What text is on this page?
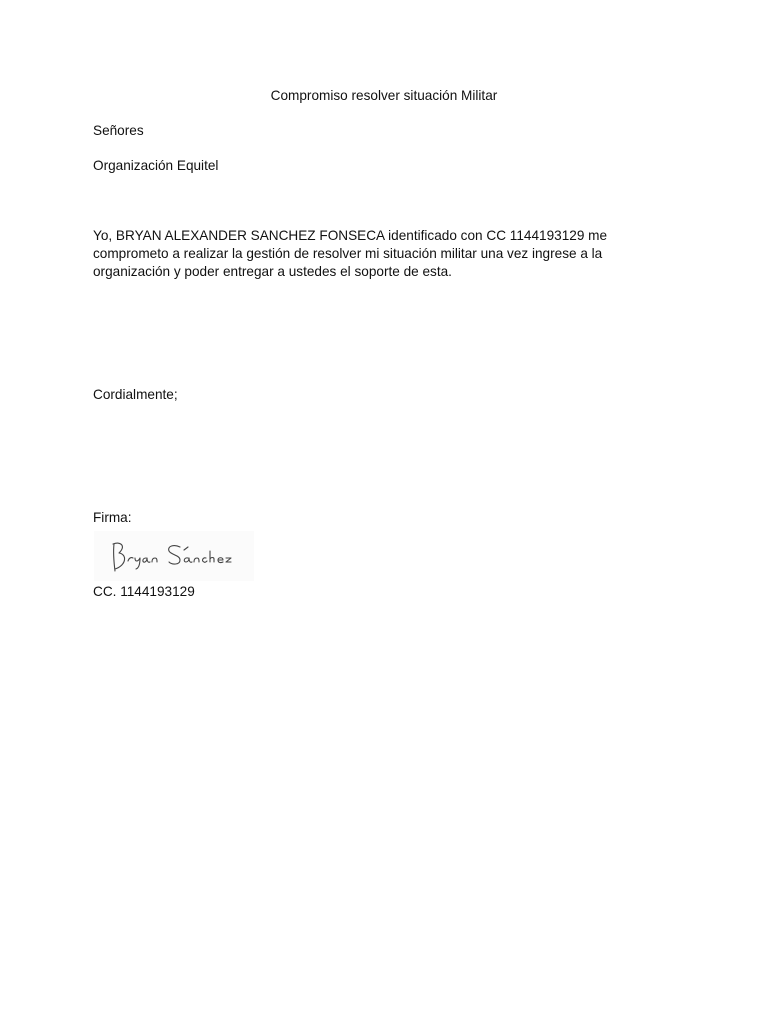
Compromiso resolver situación Militar
Señores
Organización Equitel
Yo, BRYAN ALEXANDER SANCHEZ FONSECA identificado con CC 1144193129 me
comprometo a realizar la gestión de resolver mi situación militar una vez ingrese a la
organización y poder entregar a ustedes el soporte de esta.
Cordialmente;
Firma:
CC. 1144193129
